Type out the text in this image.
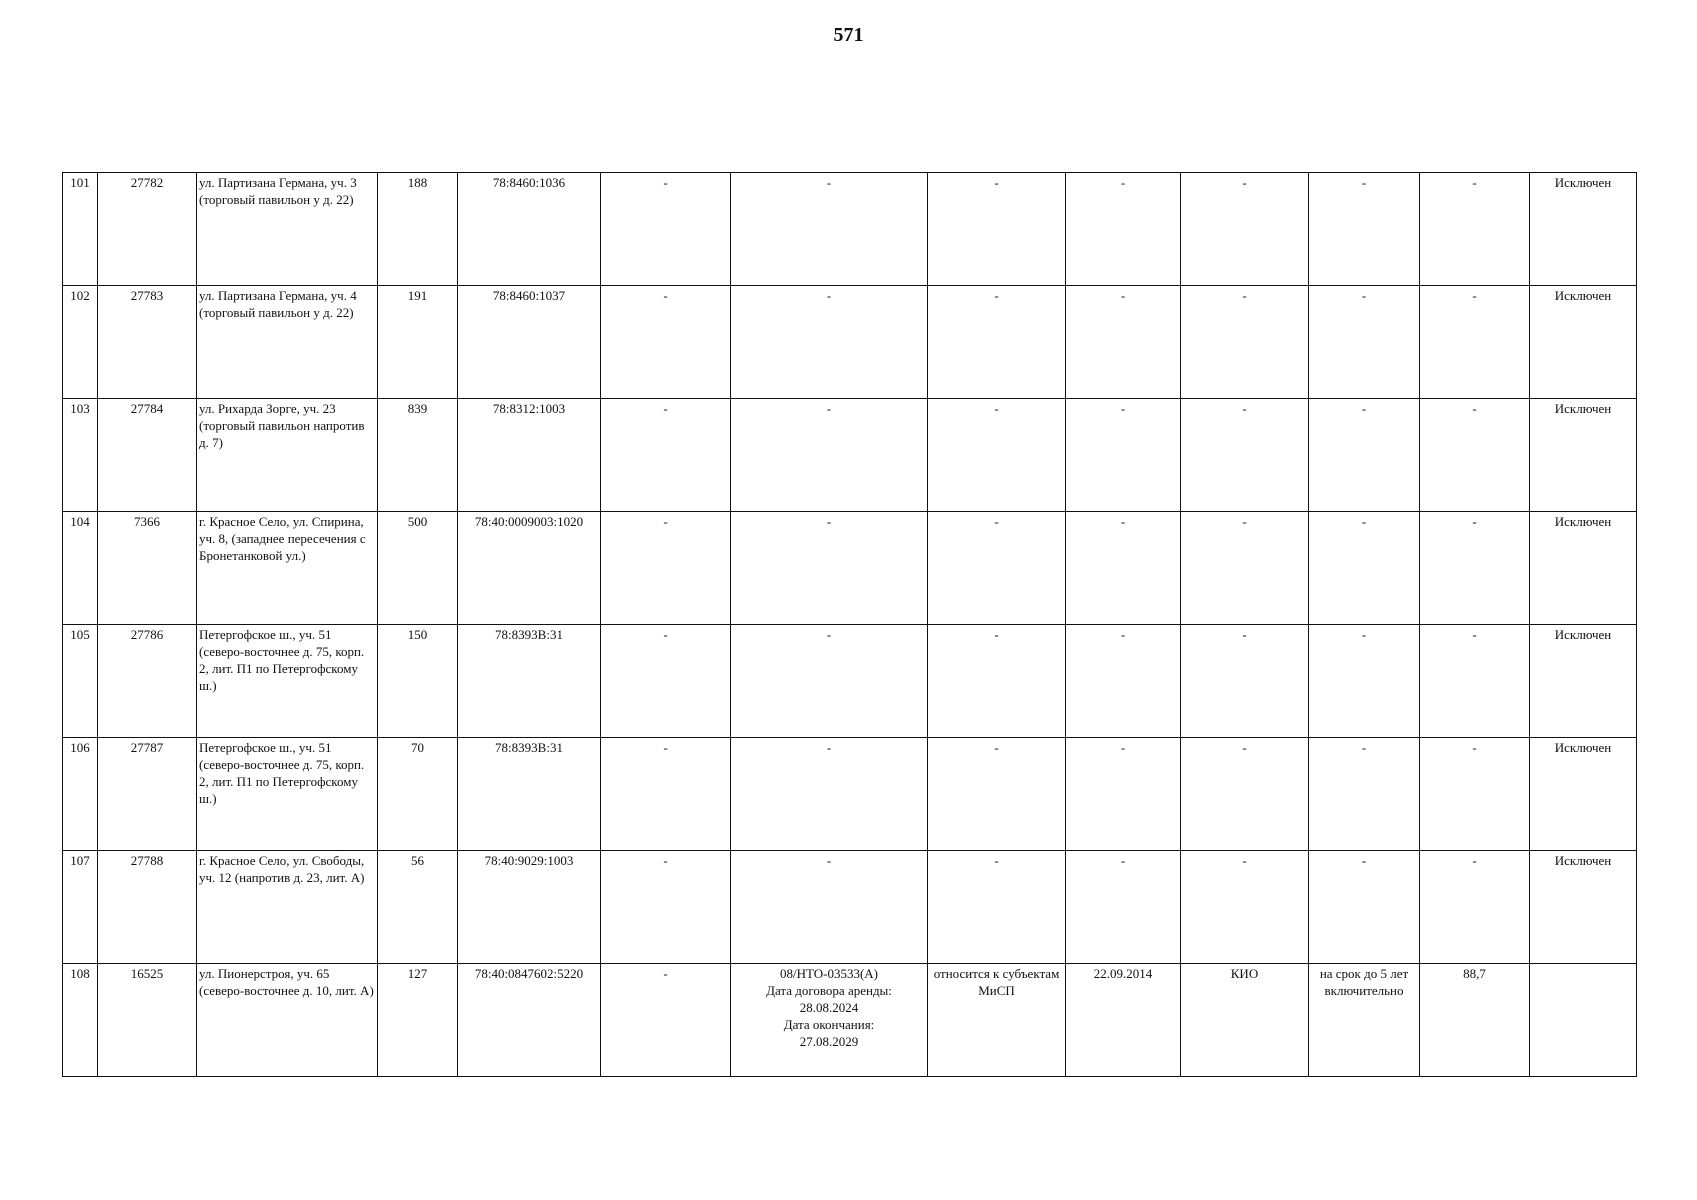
571
101	27782	ул. Партизана Германа, уч. 3 (торговый павильон у д. 22)	188	78:8460:1036	-	-	-	-	-	-	-	Исключен
102	27783	ул. Партизана Германа, уч. 4 (торговый павильон у д. 22)	191	78:8460:1037	-	-	-	-	-	-	-	Исключен
103	27784	ул. Рихарда Зорге, уч. 23 (торговый павильон напротив д. 7)	839	78:8312:1003	-	-	-	-	-	-	-	Исключен
104	7366	г. Красное Село, ул. Спирина, уч. 8, (западнее пересечения с Бронетанковой ул.)	500	78:40:0009003:1020	-	-	-	-	-	-	-	Исключен
105	27786	Петергофское ш., уч. 51 (северо-восточнее д. 75, корп. 2, лит. П1 по Петергофскому ш.)	150	78:8393B:31	-	-	-	-	-	-	-	Исключен
106	27787	Петергофское ш., уч. 51 (северо-восточнее д. 75, корп. 2, лит. П1 по Петергофскому ш.)	70	78:8393B:31	-	-	-	-	-	-	-	Исключен
107	27788	г. Красное Село, ул. Свободы, уч. 12 (напротив д. 23, лит. А)	56	78:40:9029:1003	-	-	-	-	-	-	-	Исключен
108	16525	ул. Пионерстроя, уч. 65 (северо-восточнее д. 10, лит. А)	127	78:40:0847602:5220	-	08/НТО-03533(А)
Дата договора аренды:
28.08.2024
Дата окончания:
27.08.2029	относится к субъектам МиСП	22.09.2014	КИО	на срок до 5 лет включительно	88,7	
